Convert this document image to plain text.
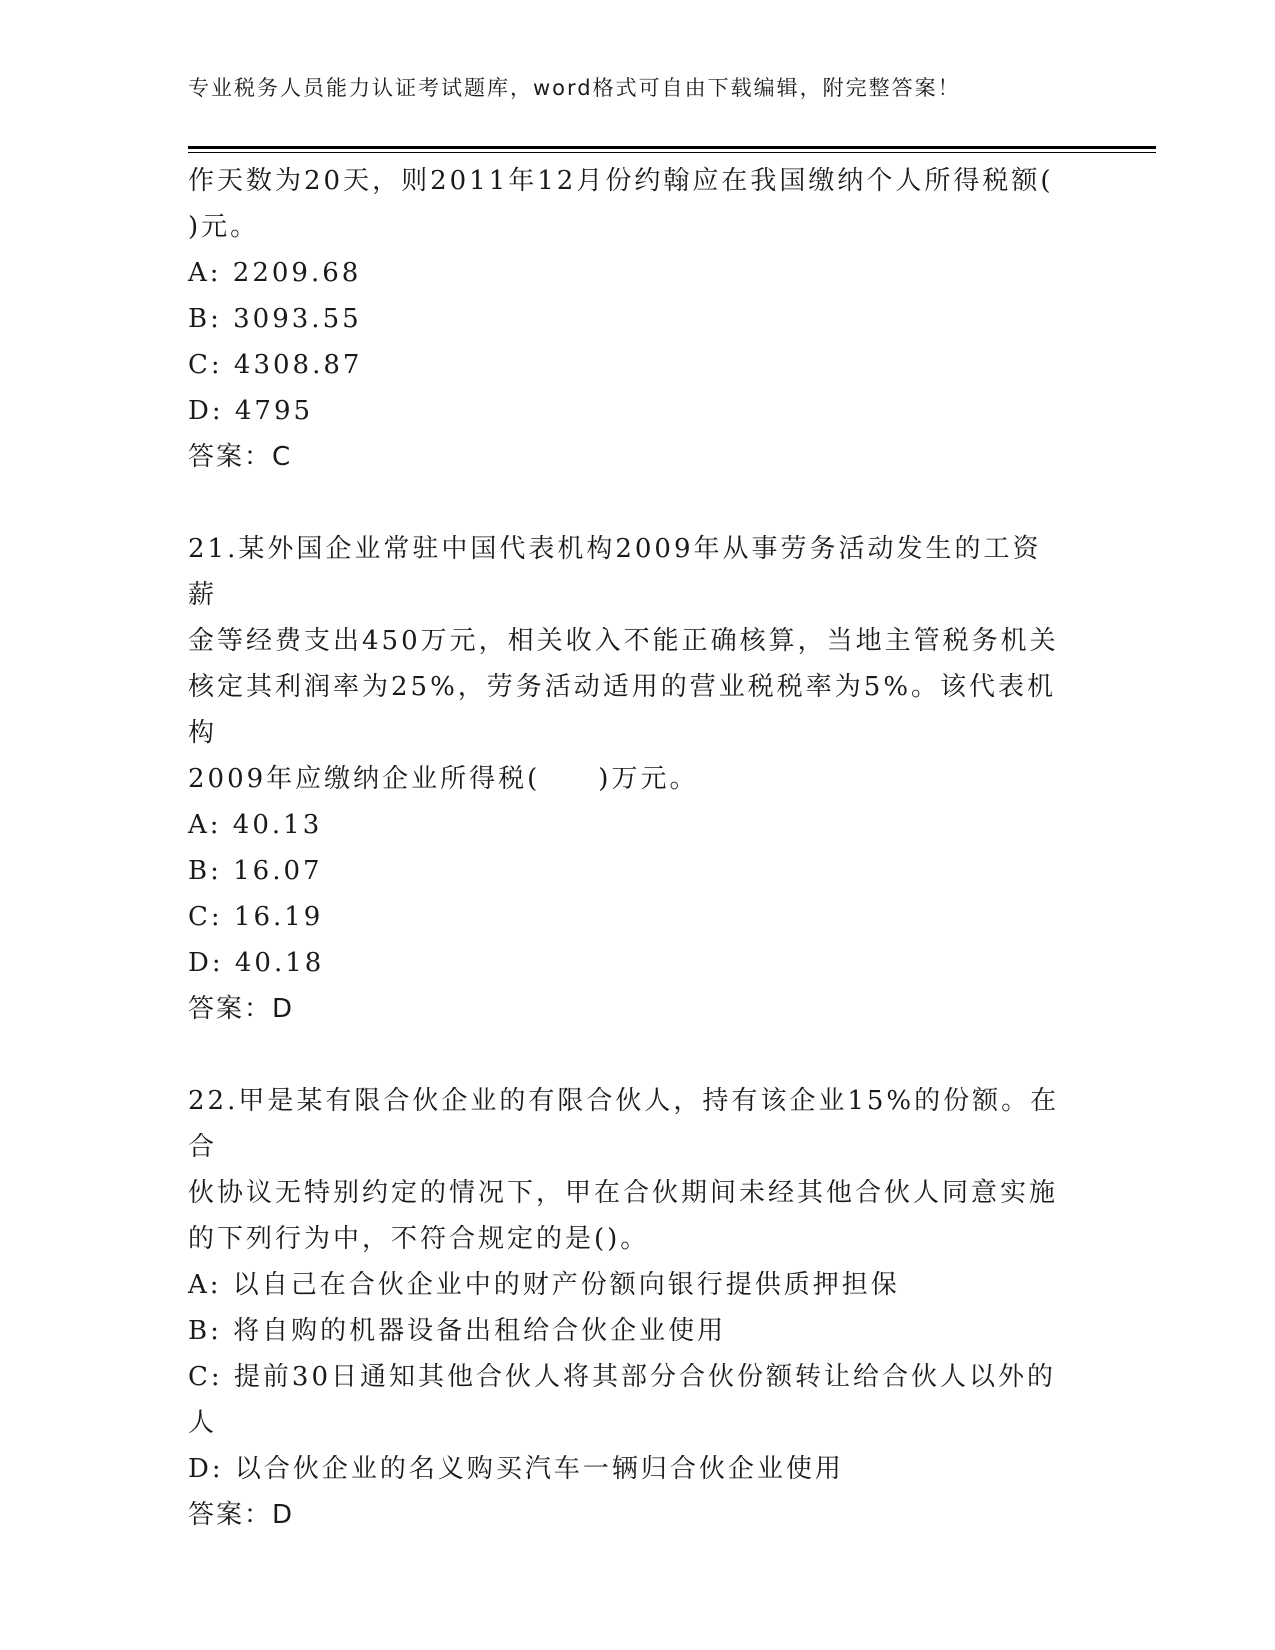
专业税务人员能力认证考试题库，word格式可自由下载编辑，附完整答案！

作天数为20天，则2011年12月份约翰应在我国缴纳个人所得税额(

)元。

A: 2209.68

B: 3093.55

C: 4308.87

D: 4795

答案：C

21.某外国企业常驻中国代表机构2009年从事劳务活动发生的工资薪

金等经费支出450万元，相关收入不能正确核算，当地主管税务机关

核定其利润率为25%，劳务活动适用的营业税税率为5%。该代表机构

2009年应缴纳企业所得税(　　)万元。

A: 40.13

B: 16.07

C: 16.19

D: 40.18

答案：D

22.甲是某有限合伙企业的有限合伙人，持有该企业15%的份额。在合

伙协议无特别约定的情况下，甲在合伙期间未经其他合伙人同意实施

的下列行为中，不符合规定的是()。

A: 以自己在合伙企业中的财产份额向银行提供质押担保

B: 将自购的机器设备出租给合伙企业使用

C: 提前30日通知其他合伙人将其部分合伙份额转让给合伙人以外的

人

D: 以合伙企业的名义购买汽车一辆归合伙企业使用

答案：D
